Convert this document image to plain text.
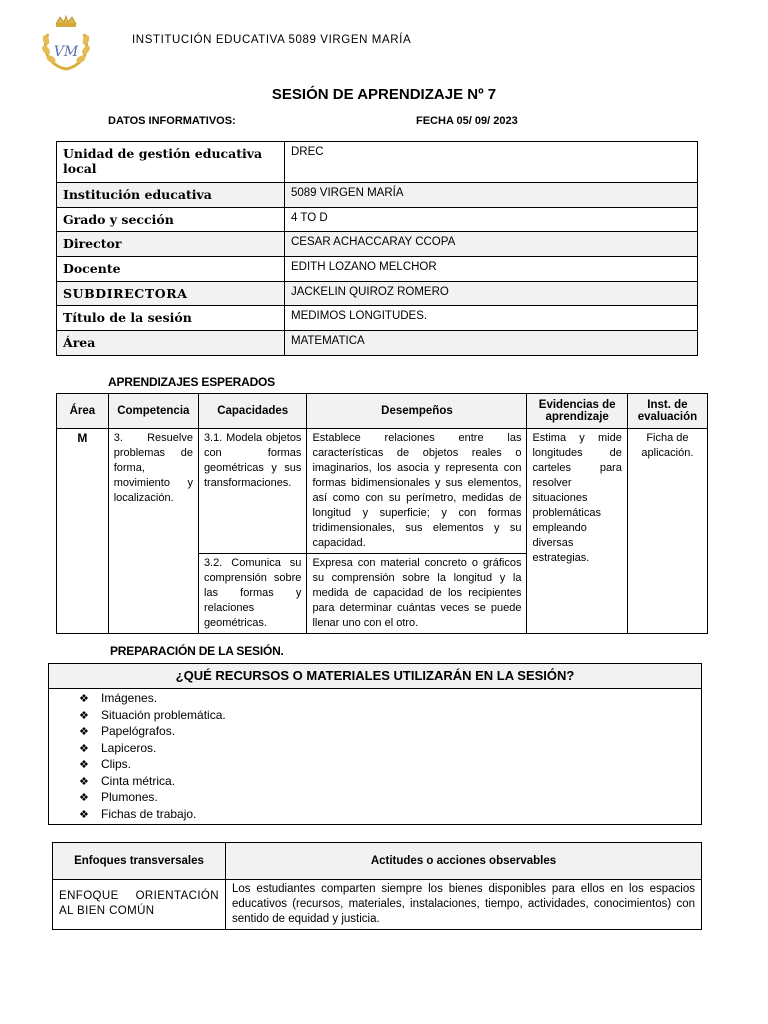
VM
INSTITUCIÓN EDUCATIVA 5089 VIRGEN MARÍA
SESIÓN DE APRENDIZAJE Nº 7
DATOS INFORMATIVOS:	FECHA 05/ 09/ 2023
Unidad de gestión educativa local	DREC
Institución educativa	5089 VIRGEN MARÍA
Grado y sección	4 TO D
Director	CESAR ACHACCARAY CCOPA
Docente	EDITH LOZANO MELCHOR
SUBDIRECTORA	JACKELIN QUIROZ ROMERO
Título de la sesión	MEDIMOS LONGITUDES.
Área	MATEMATICA
APRENDIZAJES ESPERADOS
Área	Competencia	Capacidades	Desempeños	Evidencias de aprendizaje	Inst. de evaluación
M	3. Resuelve problemas de forma, movimiento y localización.	3.1. Modela objetos con formas geométricas y sus transformaciones.	Establece relaciones entre las características de objetos reales o imaginarios, los asocia y representa con formas bidimensionales y sus elementos, así como con su perímetro, medidas de longitud y superficie; y con formas tridimensionales, sus elementos y su capacidad.	Estima y mide longitudes de carteles para resolver situaciones problemáticas empleando diversas estrategias.	Ficha de aplicación.
		3.2. Comunica su comprensión sobre las formas y relaciones geométricas.	Expresa con material concreto o gráficos su comprensión sobre la longitud y la medida de capacidad de los recipientes para determinar cuántas veces se puede llenar uno con el otro.		
PREPARACIÓN DE LA SESIÓN.
¿QUÉ RECURSOS O MATERIALES UTILIZARÁN EN LA SESIÓN?
❖ Imágenes.
❖ Situación problemática.
❖ Papelógrafos.
❖ Lapiceros.
❖ Clips.
❖ Cinta métrica.
❖ Plumones.
❖ Fichas de trabajo.
Enfoques transversales	Actitudes o acciones observables
ENFOQUE ORIENTACIÓN AL BIEN COMÚN	Los estudiantes comparten siempre los bienes disponibles para ellos en los espacios educativos (recursos, materiales, instalaciones, tiempo, actividades, conocimientos) con sentido de equidad y justicia.
